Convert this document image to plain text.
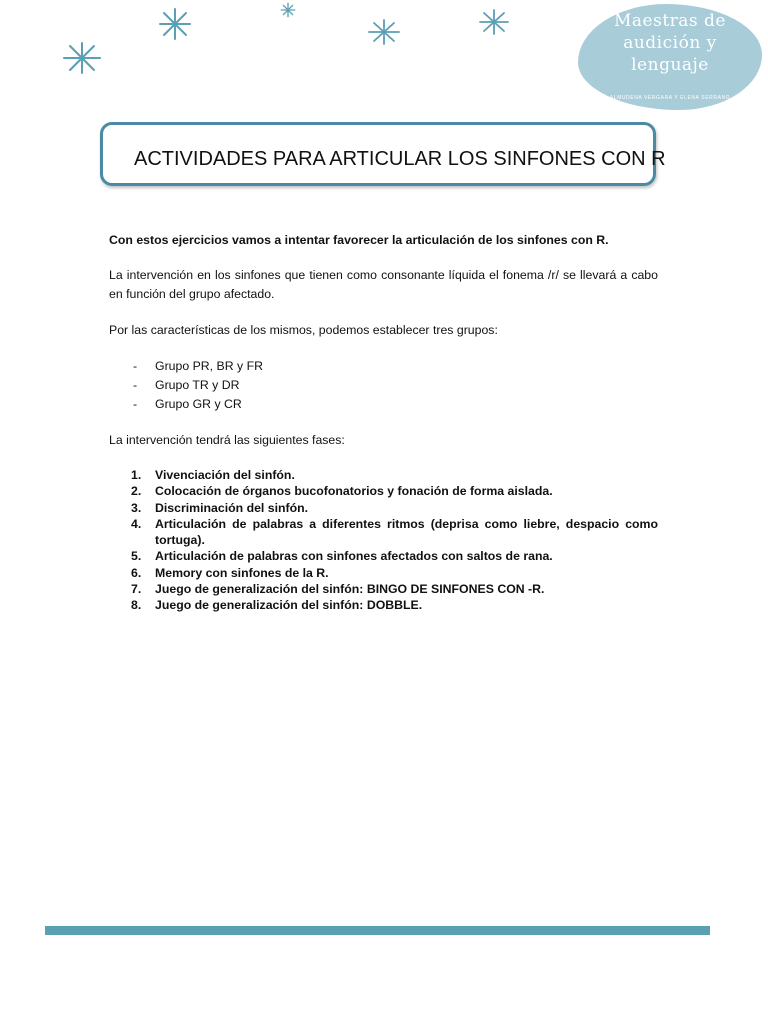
Maestras de
audición y
lenguaje
ALMUDENA VERGARA Y ELENA SERRANO
ACTIVIDADES PARA ARTICULAR LOS SINFONES CON R

Con estos ejercicios vamos a intentar favorecer la articulación de los sinfones con R.

La intervención en los sinfones que tienen como consonante líquida el fonema /r/ se llevará a cabo en función del grupo afectado.

Por las características de los mismos, podemos establecer tres grupos:

- Grupo PR, BR y FR
- Grupo TR y DR
- Grupo GR y CR

La intervención tendrá las siguientes fases:

1. Vivenciación del sinfón.
2. Colocación de órganos bucofonatorios y fonación de forma aislada.
3. Discriminación del sinfón.
4. Articulación de palabras a diferentes ritmos (deprisa como liebre, despacio como tortuga).
5. Articulación de palabras con sinfones afectados con saltos de rana.
6. Memory con sinfones de la R.
7. Juego de generalización del sinfón: BINGO DE SINFONES CON -R.
8. Juego de generalización del sinfón: DOBBLE.
